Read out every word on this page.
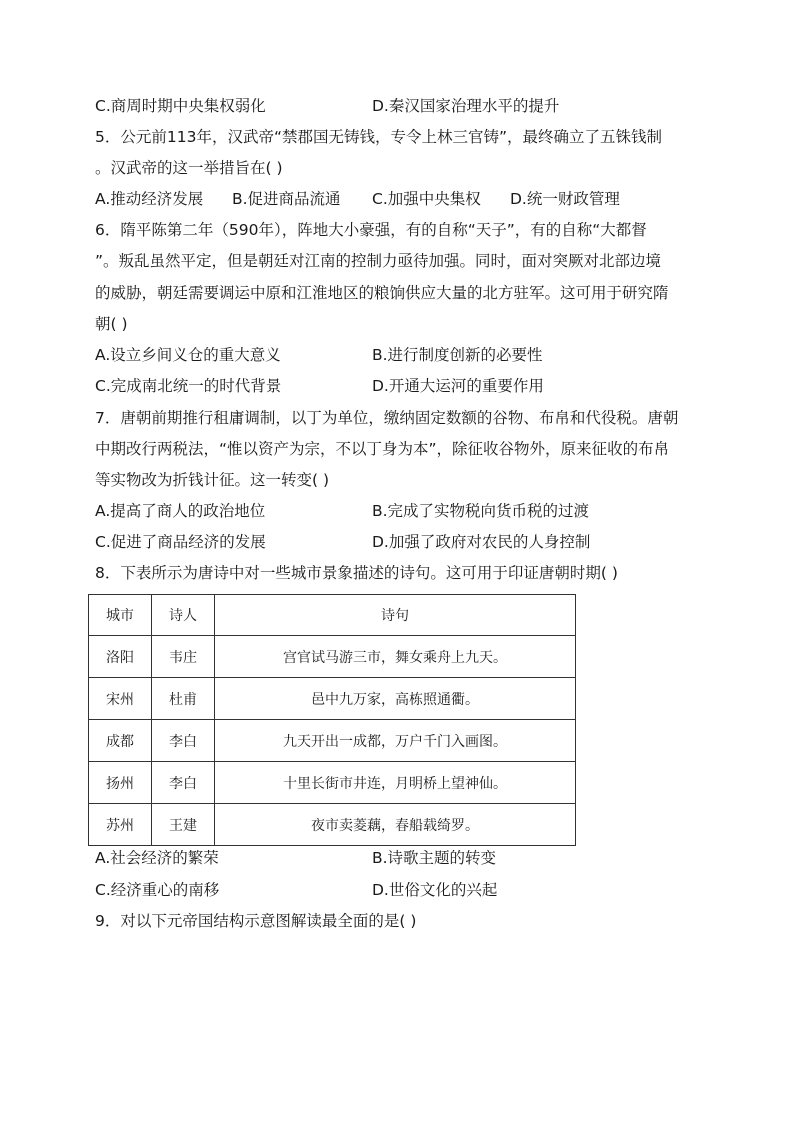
C.商周时期中央集权弱化	D.秦汉国家治理水平的提升
5．公元前113年，汉武帝“禁郡国无铸钱，专令上林三官铸”，最终确立了五铢钱制
。汉武帝的这一举措旨在( )
A.推动经济发展 B.促进商品流通 C.加强中央集权 D.统一财政管理
6．隋平陈第二年（590年），阵地大小豪强，有的自称“天子”，有的自称“大都督
”。叛乱虽然平定，但是朝廷对江南的控制力亟待加强。同时，面对突厥对北部边境
的威胁，朝廷需要调运中原和江淮地区的粮饷供应大量的北方驻军。这可用于研究隋
朝( )
A.设立乡间义仓的重大意义	B.进行制度创新的必要性
C.完成南北统一的时代背景	D.开通大运河的重要作用
7．唐朝前期推行租庸调制，以丁为单位，缴纳固定数额的谷物、布帛和代役税。唐朝
中期改行两税法，“惟以资产为宗，不以丁身为本”，除征收谷物外，原来征收的布帛
等实物改为折钱计征。这一转变( )
A.提高了商人的政治地位	B.完成了实物税向货币税的过渡
C.促进了商品经济的发展	D.加强了政府对农民的人身控制
8．下表所示为唐诗中对一些城市景象描述的诗句。这可用于印证唐朝时期( )
城市	诗人	诗句
洛阳	韦庄	宫官试马游三市，舞女乘舟上九天。
宋州	杜甫	邑中九万家，高栋照通衢。
成都	李白	九天开出一成都，万户千门入画图。
扬州	李白	十里长街市井连，月明桥上望神仙。
苏州	王建	夜市卖菱藕，春船载绮罗。
A.社会经济的繁荣	B.诗歌主题的转变
C.经济重心的南移	D.世俗文化的兴起
9．对以下元帝国结构示意图解读最全面的是( )
